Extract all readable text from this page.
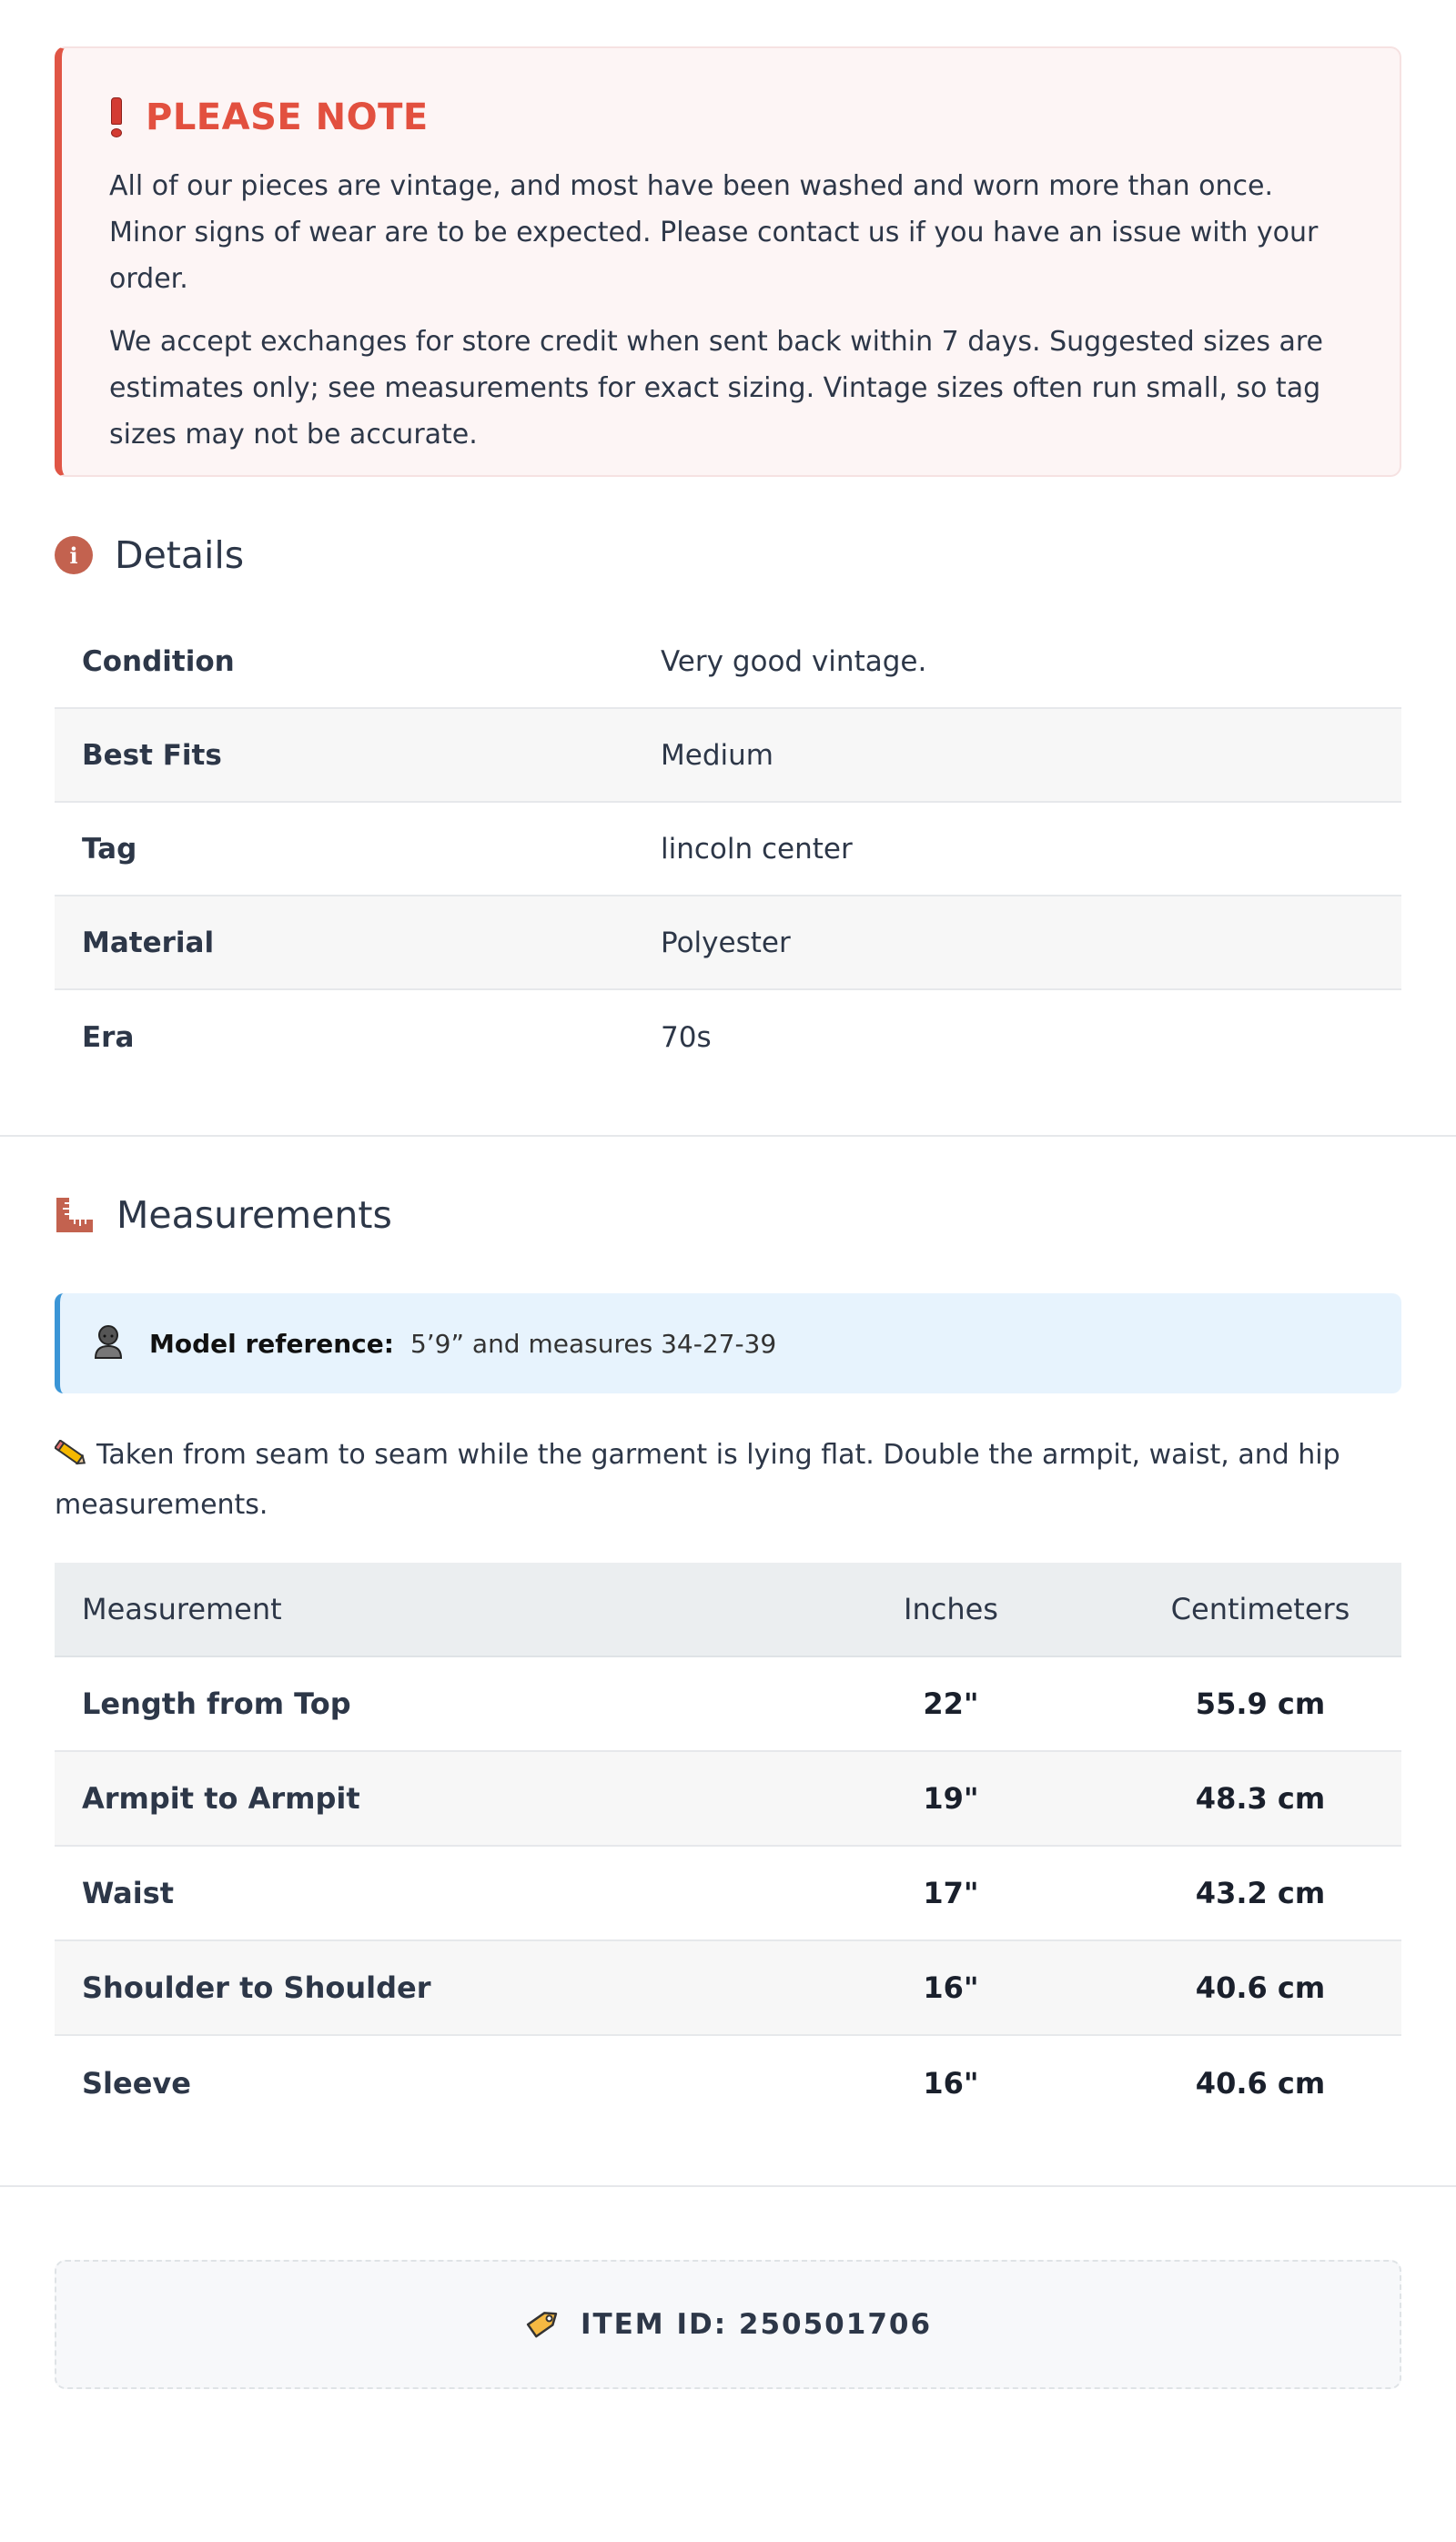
PLEASE NOTE

All of our pieces are vintage, and most have been washed and worn more than once. Minor signs of wear are to be expected. Please contact us if you have an issue with your order.

We accept exchanges for store credit when sent back within 7 days. Suggested sizes are estimates only; see measurements for exact sizing. Vintage sizes often run small, so tag sizes may not be accurate.

i Details
Condition	Very good vintage.
Best Fits	Medium
Tag	lincoln center
Material	Polyester
Era	70s
Measurements
Model reference: 5’9” and measures 34-27-39
Taken from seam to seam while the garment is lying flat. Double the armpit, waist, and hip measurements.
Measurement	Inches	Centimeters
Length from Top	22"	55.9 cm
Armpit to Armpit	19"	48.3 cm
Waist	17"	43.2 cm
Shoulder to Shoulder	16"	40.6 cm
Sleeve	16"	40.6 cm
ITEM ID: 250501706
